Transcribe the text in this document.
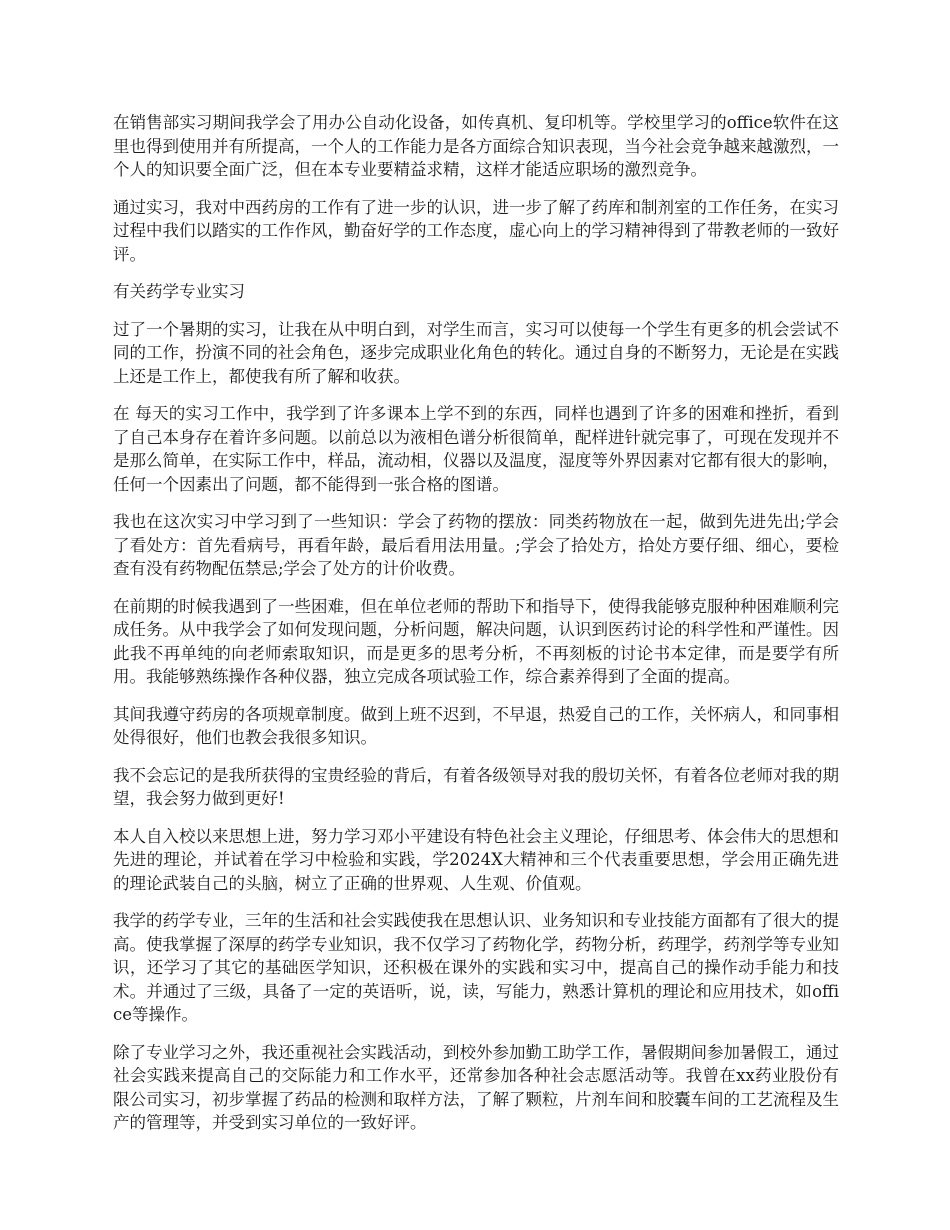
在销售部实习期间我学会了用办公自动化设备，如传真机、复印机等。学校里学习的office软件在这里也得到使用并有所提高，一个人的工作能力是各方面综合知识表现，当今社会竞争越来越激烈，一个人的知识要全面广泛，但在本专业要精益求精，这样才能适应职场的激烈竞争。

通过实习，我对中西药房的工作有了进一步的认识，进一步了解了药库和制剂室的工作任务，在实习过程中我们以踏实的工作作风，勤奋好学的工作态度，虚心向上的学习精神得到了带教老师的一致好评。

有关药学专业实习

过了一个暑期的实习，让我在从中明白到，对学生而言，实习可以使每一个学生有更多的机会尝试不同的工作，扮演不同的社会角色，逐步完成职业化角色的转化。通过自身的不断努力，无论是在实践上还是工作上，都使我有所了解和收获。

在 每天的实习工作中，我学到了许多课本上学不到的东西，同样也遇到了许多的困难和挫折，看到了自己本身存在着许多问题。以前总以为液相色谱分析很简单，配样进针就完事了，可现在发现并不是那么简单，在实际工作中，样品，流动相，仪器以及温度，湿度等外界因素对它都有很大的影响，任何一个因素出了问题，都不能得到一张合格的图谱。

我也在这次实习中学习到了一些知识：学会了药物的摆放：同类药物放在一起，做到先进先出;学会了看处方：首先看病号，再看年龄，最后看用法用量。;学会了拾处方，拾处方要仔细、细心，要检查有没有药物配伍禁忌;学会了处方的计价收费。

在前期的时候我遇到了一些困难，但在单位老师的帮助下和指导下，使得我能够克服种种困难顺利完成任务。从中我学会了如何发现问题，分析问题，解决问题，认识到医药讨论的科学性和严谨性。因此我不再单纯的向老师索取知识，而是更多的思考分析，不再刻板的讨论书本定律，而是要学有所用。我能够熟练操作各种仪器，独立完成各项试验工作，综合素养得到了全面的提高。

其间我遵守药房的各项规章制度。做到上班不迟到，不早退，热爱自己的工作，关怀病人，和同事相处得很好，他们也教会我很多知识。

我不会忘记的是我所获得的宝贵经验的背后，有着各级领导对我的殷切关怀，有着各位老师对我的期望，我会努力做到更好!

本人自入校以来思想上进，努力学习邓小平建设有特色社会主义理论，仔细思考、体会伟大的思想和先进的理论，并试着在学习中检验和实践，学2024X大精神和三个代表重要思想，学会用正确先进的理论武装自己的头脑，树立了正确的世界观、人生观、价值观。

我学的药学专业，三年的生活和社会实践使我在思想认识、业务知识和专业技能方面都有了很大的提高。使我掌握了深厚的药学专业知识，我不仅学习了药物化学，药物分析，药理学，药剂学等专业知识，还学习了其它的基础医学知识，还积极在课外的实践和实习中，提高自己的操作动手能力和技术。并通过了三级，具备了一定的英语听，说，读，写能力，熟悉计算机的理论和应用技术，如office等操作。

除了专业学习之外，我还重视社会实践活动，到校外参加勤工助学工作，暑假期间参加暑假工，通过社会实践来提高自己的交际能力和工作水平，还常参加各种社会志愿活动等。我曾在xx药业股份有限公司实习，初步掌握了药品的检测和取样方法，了解了颗粒，片剂车间和胶囊车间的工艺流程及生产的管理等，并受到实习单位的一致好评。
